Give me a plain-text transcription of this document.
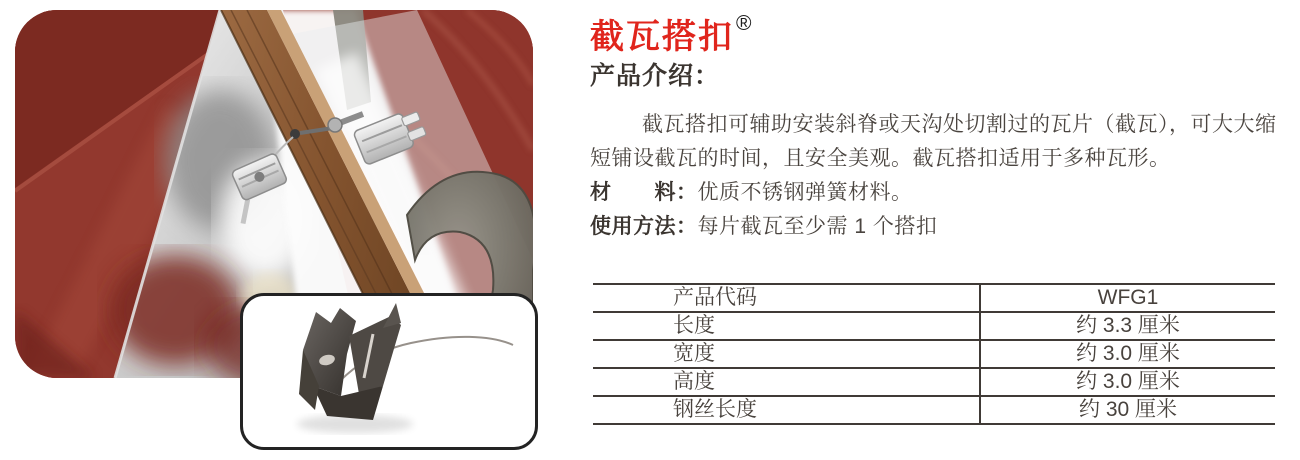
截瓦搭扣®
产品介绍：
截瓦搭扣可辅助安装斜脊或天沟处切割过的瓦片（截瓦），可大大缩
短铺设截瓦的时间，且安全美观。截瓦搭扣适用于多种瓦形。
材　　料：优质不锈钢弹簧材料。
使用方法：每片截瓦至少需 1 个搭扣
产品代码	WFG1
长度	约 3.3 厘米
宽度	约 3.0 厘米
高度	约 3.0 厘米
钢丝长度	约 30 厘米
